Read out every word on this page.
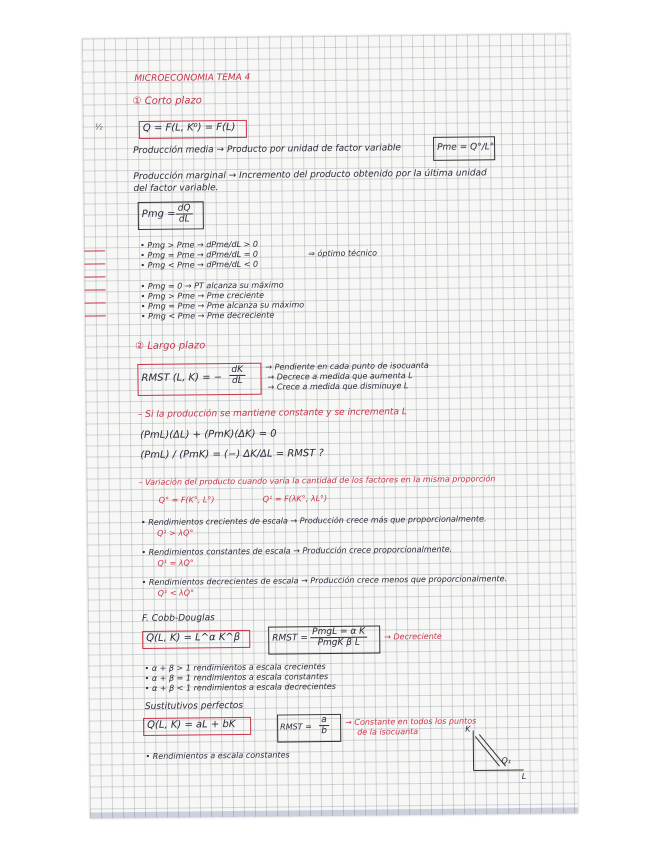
½
MICROECONOMIA TEMA 4
① Corto plazo
Q = F(L, K⁰) = F(L)
Producción media → Producto por unidad de factor variable	Pme = Q°/L°
Producción marginal → Incremento del producto obtenido por la última unidad
del factor variable.
Pmg = $\frac{dQ}{dL}$
• Pmg > Pme → dPme/dL > 0
• Pmg = Pme → dPme/dL = 0
• Pmg < Pme → dPme/dL < 0
⇒ óptimo técnico
• Pmg = 0 → PT alcanza su máximo
• Pmg > Pme → Pme creciente
• Pmg = Pme → Pme alcanza su máximo
• Pmg < Pme → Pme decreciente
② Largo plazo
RMST (L, K) = − $\frac{dK}{dL}$	→ Pendiente en cada punto de isocuanta
→ Decrece a medida que aumenta L
→ Crece a medida que disminuye L
– Si la producción se mantiene constante y se incrementa L
(PmL)(ΔL) + (PmK)(ΔK) = 0
(PmL) / (PmK) = (−) ΔK/ΔL = RMST ?
– Variación del producto cuando varía la cantidad de los factores en la misma proporción
Q° = F(K°, L°)	Q¹ = F(λK°, λL°)
• Rendimientos crecientes de escala → Producción crece más que proporcionalmente.
Q¹ > λQ°
• Rendimientos constantes de escala → Producción crece proporcionalmente.
Q¹ = λQ°
• Rendimientos decrecientes de escala → Producción crece menos que proporcionalmente.
Q¹ < λQ°
F. Cobb-Douglas
Q(L, K) = L^α K^β	RMST =
PmgL = α K
PmgK β L
→ Decreciente
• α + β > 1 rendimientos a escala crecientes
• α + β = 1 rendimientos a escala constantes
• α + β < 1 rendimientos a escala decrecientes
Sustitutivos perfectos
Q(L, K) = aL + bK	RMST = $\frac{a}{b}$ → Constante en todos los puntos
de la isocuanta
• Rendimientos a escala constantes
K
L
Q₁
